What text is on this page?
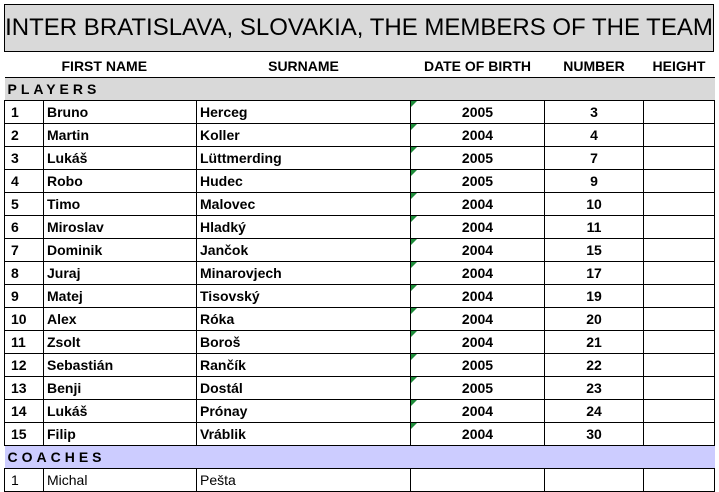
INTER BRATISLAVA, SLOVAKIA, THE MEMBERS OF THE TEAM
	FIRST NAME	SURNAME	DATE OF BIRTH	NUMBER	HEIGHT
PLAYERS					
1	Bruno	Herceg	2005	3	
2	Martin	Koller	2004	4	
3	Lukáš	Lüttmerding	2005	7	
4	Robo	Hudec	2005	9	
5	Timo	Malovec	2004	10	
6	Miroslav	Hladký	2004	11	
7	Dominik	Jančok	2004	15	
8	Juraj	Minarovjech	2004	17	
9	Matej	Tisovský	2004	19	
10	Alex	Róka	2004	20	
11	Zsolt	Boroš	2004	21	
12	Sebastián	Rančík	2005	22	
13	Benji	Dostál	2005	23	
14	Lukáš	Prónay	2004	24	
15	Filip	Vráblik	2004	30	
COACHES					
1	Michal	Pešta			
